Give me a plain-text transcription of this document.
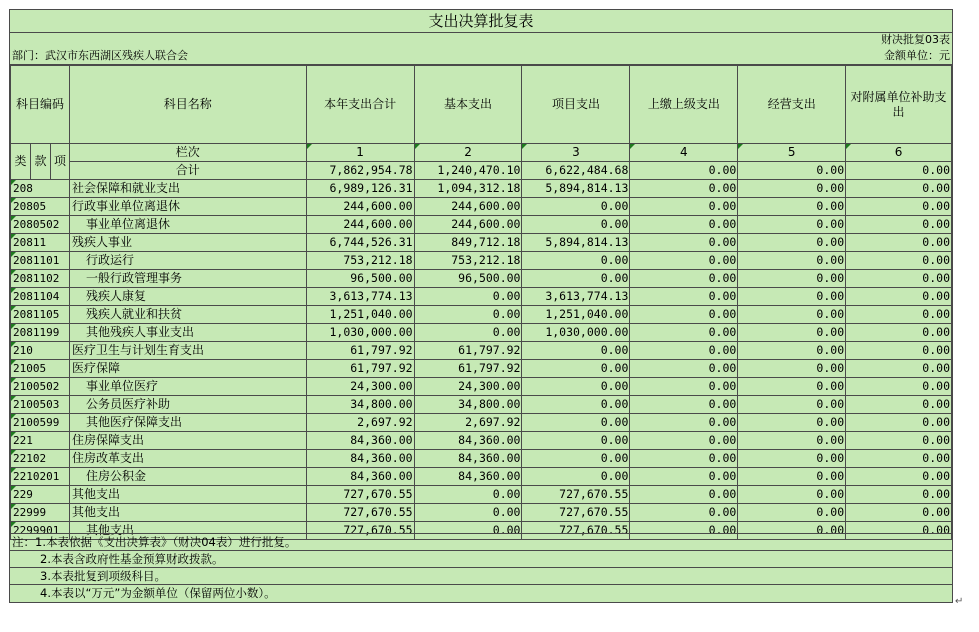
支出决算批复表
财决批复03表
部门：武汉市东西湖区残疾人联合会	金额单位：元
科目编码			科目名称	本年支出合计	基本支出	项目支出	上缴上级支出	经营支出	对附属单位补助支出
类	款	项	栏次	1	2	3	4	5	6

			合计	7,862,954.78	1,240,470.10	6,622,484.68	0.00	0.00	0.00

208			社会保障和就业支出	6,989,126.31	1,094,312.18	5,894,814.13	0.00	0.00	0.00

20805			行政事业单位离退休	244,600.00	244,600.00	0.00	0.00	0.00	0.00

2080502			事业单位离退休	244,600.00	244,600.00	0.00	0.00	0.00	0.00

20811			残疾人事业	6,744,526.31	849,712.18	5,894,814.13	0.00	0.00	0.00

2081101			行政运行	753,212.18	753,212.18	0.00	0.00	0.00	0.00

2081102			一般行政管理事务	96,500.00	96,500.00	0.00	0.00	0.00	0.00

2081104			残疾人康复	3,613,774.13	0.00	3,613,774.13	0.00	0.00	0.00

2081105			残疾人就业和扶贫	1,251,040.00	0.00	1,251,040.00	0.00	0.00	0.00

2081199			其他残疾人事业支出	1,030,000.00	0.00	1,030,000.00	0.00	0.00	0.00

210			医疗卫生与计划生育支出	61,797.92	61,797.92	0.00	0.00	0.00	0.00

21005			医疗保障	61,797.92	61,797.92	0.00	0.00	0.00	0.00

2100502			事业单位医疗	24,300.00	24,300.00	0.00	0.00	0.00	0.00

2100503			公务员医疗补助	34,800.00	34,800.00	0.00	0.00	0.00	0.00

2100599			其他医疗保障支出	2,697.92	2,697.92	0.00	0.00	0.00	0.00

221			住房保障支出	84,360.00	84,360.00	0.00	0.00	0.00	0.00

22102			住房改革支出	84,360.00	84,360.00	0.00	0.00	0.00	0.00

2210201			住房公积金	84,360.00	84,360.00	0.00	0.00	0.00	0.00

229			其他支出	727,670.55	0.00	727,670.55	0.00	0.00	0.00

22999			其他支出	727,670.55	0.00	727,670.55	0.00	0.00	0.00

2299901			其他支出	727,670.55	0.00	727,670.55	0.00	0.00	0.00
注：1.本表依据《支出决算表》（财决04表）进行批复。
2.本表含政府性基金预算财政拨款。
3.本表批复到项级科目。
4.本表以“万元”为金额单位（保留两位小数）。
↵
